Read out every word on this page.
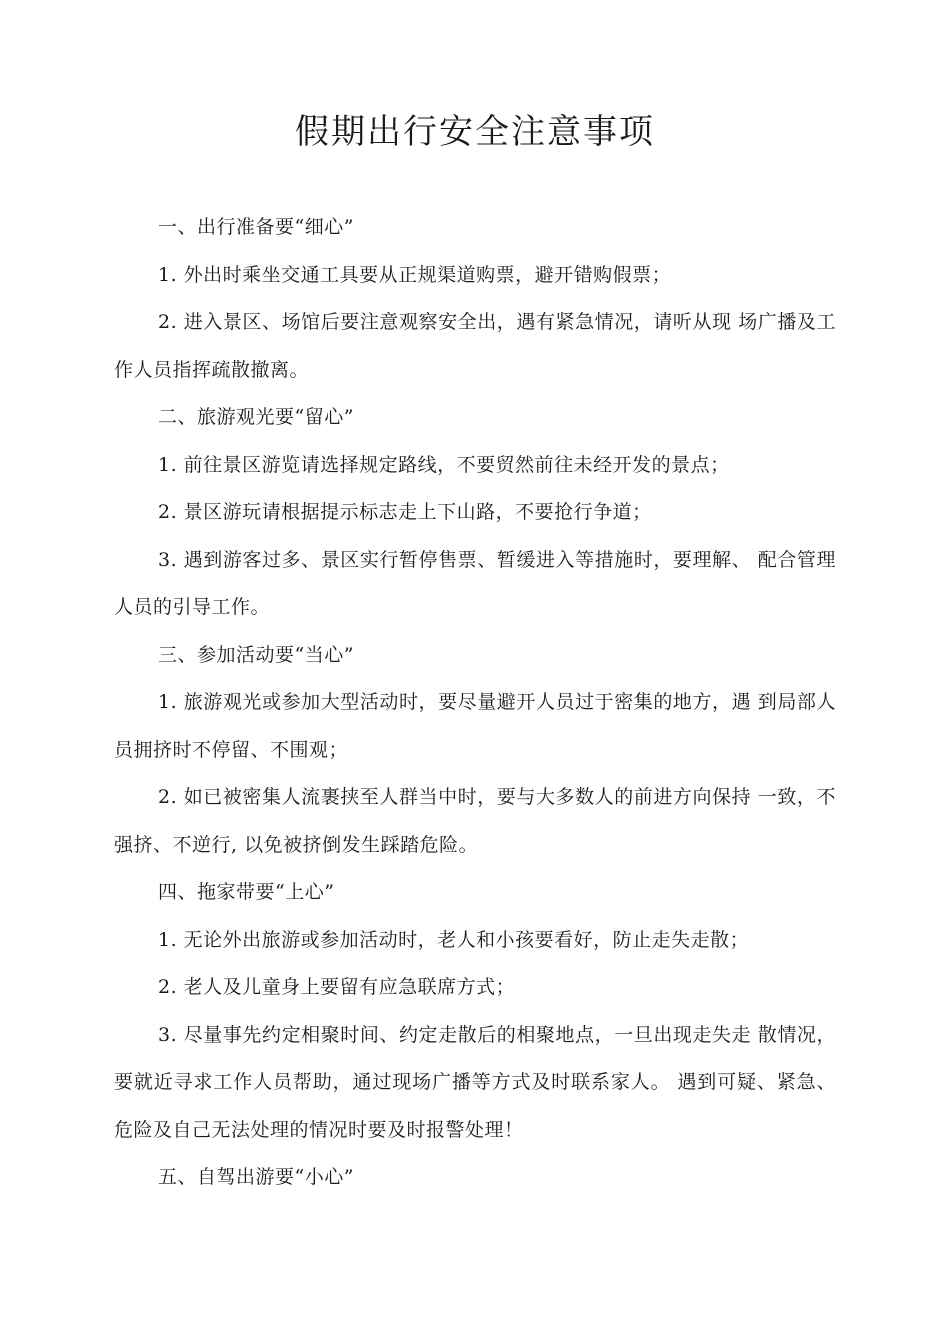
假期出行安全注意事项

一、出行准备要“细心”

1. 外出时乘坐交通工具要从正规渠道购票，避开错购假票；

2. 进入景区、场馆后要注意观察安全出，遇有紧急情况，请听从现 场广播及工作人员指挥疏散撤离。

二、旅游观光要“留心”

1. 前往景区游览请选择规定路线，不要贸然前往未经开发的景点；

2. 景区游玩请根据提示标志走上下山路，不要抢行争道；

3. 遇到游客过多、景区实行暂停售票、暂缓进入等措施时，要理解、 配合管理人员的引导工作。

三、参加活动要“当心”

1. 旅游观光或参加大型活动时，要尽量避开人员过于密集的地方，遇 到局部人员拥挤时不停留、不围观；

2. 如已被密集人流裹挟至人群当中时，要与大多数人的前进方向保持 一致，不强挤、不逆行, 以免被挤倒发生踩踏危险。

四、拖家带要“上心”

1. 无论外出旅游或参加活动时，老人和小孩要看好，防止走失走散；

2. 老人及儿童身上要留有应急联席方式；

3. 尽量事先约定相聚时间、约定走散后的相聚地点，一旦出现走失走 散情况，要就近寻求工作人员帮助，通过现场广播等方式及时联系家人。 遇到可疑、紧急、危险及自己无法处理的情况时要及时报警处理！

五、自驾出游要“小心”
